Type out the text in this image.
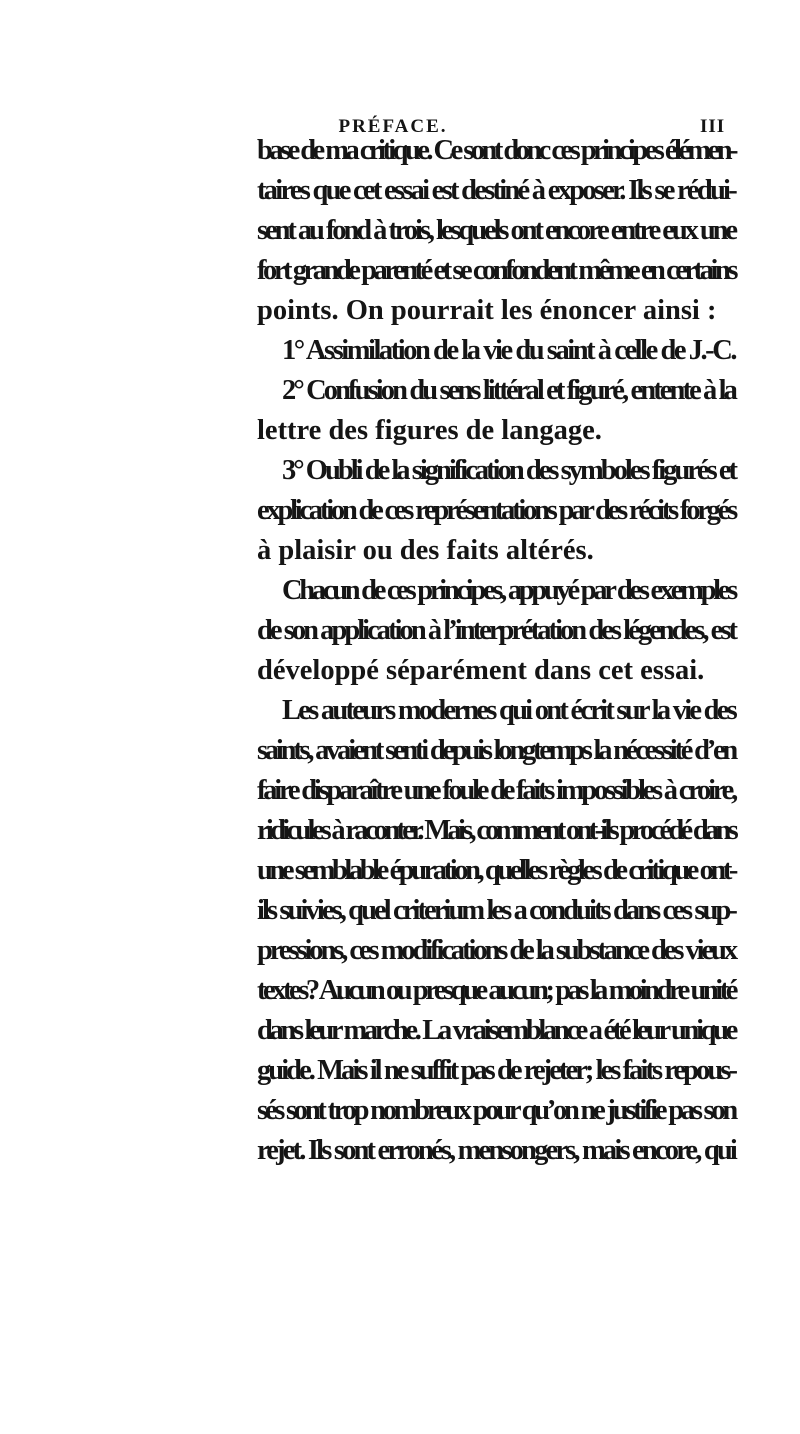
PRÉFACE.	III
base de ma critique. Ce sont donc ces principes élémen-
taires que cet essai est destiné à exposer. Ils se rédui-
sent au fond à trois, lesquels ont encore entre eux une
fort grande parenté et se confondent même en certains
points. On pourrait les énoncer ainsi :
1° Assimilation de la vie du saint à celle de J.-C.
2° Confusion du sens littéral et figuré, entente à la
lettre des figures de langage.
3° Oubli de la signification des symboles figurés et
explication de ces représentations par des récits forgés
à plaisir ou des faits altérés.
Chacun de ces principes, appuyé par des exemples
de son application à l’interprétation des légendes, est
développé séparément dans cet essai.
Les auteurs modernes qui ont écrit sur la vie des
saints, avaient senti depuis longtemps la nécessité d’en
faire disparaître une foule de faits impossibles à croire,
ridicules à raconter. Mais, comment ont-ils procédé dans
une semblable épuration, quelles règles de critique ont-
ils suivies, quel criterium les a conduits dans ces sup-
pressions, ces modifications de la substance des vieux
textes? Aucun ou presque aucun; pas la moindre unité
dans leur marche. La vraisemblance a été leur unique
guide. Mais il ne suffit pas de rejeter; les faits repous-
sés sont trop nombreux pour qu’on ne justifie pas son
rejet. Ils sont erronés, mensongers, mais encore, qui
